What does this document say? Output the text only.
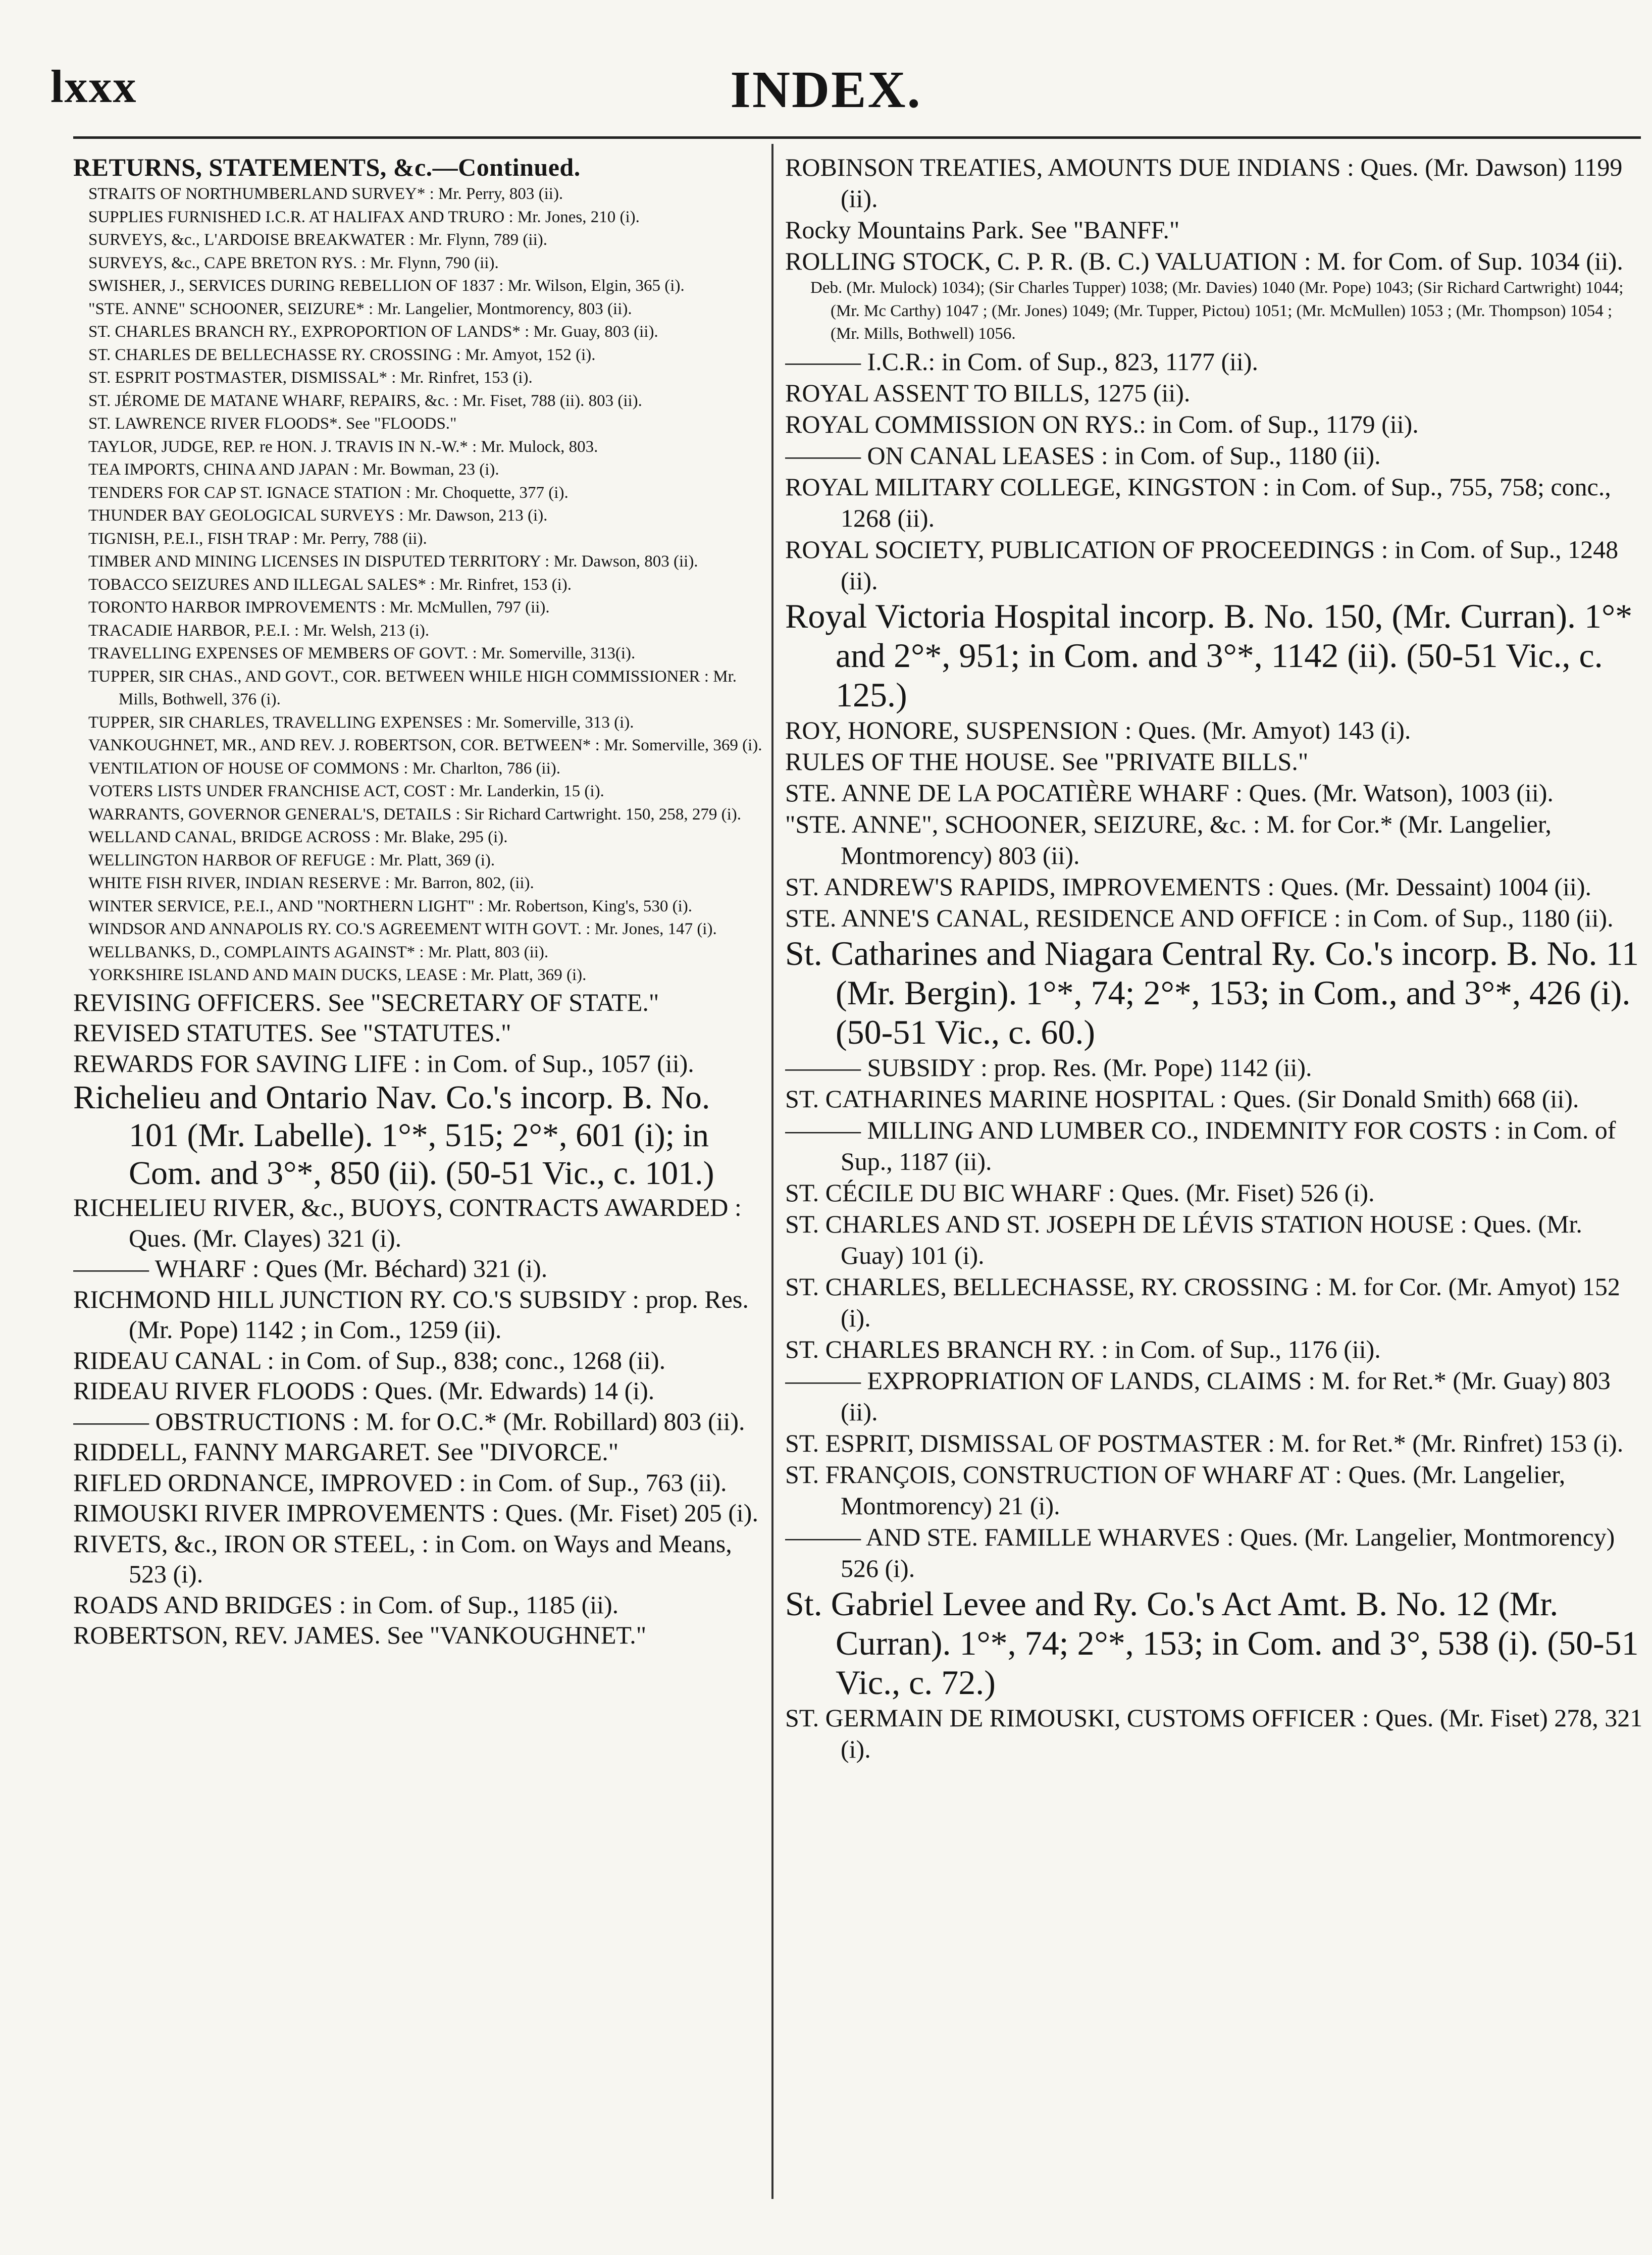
lxxx	INDEX.

RETURNS, STATEMENTS, &c.—Continued.

STRAITS OF NORTHUMBERLAND SURVEY* : Mr. Perry, 803 (ii).

SUPPLIES FURNISHED I.C.R. AT HALIFAX AND TRURO : Mr. Jones, 210 (i).

SURVEYS, &c., L'ARDOISE BREAKWATER : Mr. Flynn, 789 (ii).

SURVEYS, &c., CAPE BRETON RYS. : Mr. Flynn, 790 (ii).

SWISHER, J., SERVICES DURING REBELLION OF 1837 : Mr. Wilson, Elgin, 365 (i).

"STE. ANNE" SCHOONER, SEIZURE* : Mr. Langelier, Montmorency, 803 (ii).

ST. CHARLES BRANCH RY., EXPROPORTION OF LANDS* : Mr. Guay, 803 (ii).

ST. CHARLES DE BELLECHASSE RY. CROSSING : Mr. Amyot, 152 (i).

ST. ESPRIT POSTMASTER, DISMISSAL* : Mr. Rinfret, 153 (i).

ST. JÉROME DE MATANE WHARF, REPAIRS, &c. : Mr. Fiset, 788 (ii). 803 (ii).

ST. LAWRENCE RIVER FLOODS*. See "FLOODS."

TAYLOR, JUDGE, REP. re HON. J. TRAVIS IN N.-W.* : Mr. Mulock, 803.

TEA IMPORTS, CHINA AND JAPAN : Mr. Bowman, 23 (i).

TENDERS FOR CAP ST. IGNACE STATION : Mr. Choquette, 377 (i).

THUNDER BAY GEOLOGICAL SURVEYS : Mr. Dawson, 213 (i).

TIGNISH, P.E.I., FISH TRAP : Mr. Perry, 788 (ii).

TIMBER AND MINING LICENSES IN DISPUTED TERRITORY : Mr. Dawson, 803 (ii).

TOBACCO SEIZURES AND ILLEGAL SALES* : Mr. Rinfret, 153 (i).

TORONTO HARBOR IMPROVEMENTS : Mr. McMullen, 797 (ii).

TRACADIE HARBOR, P.E.I. : Mr. Welsh, 213 (i).

TRAVELLING EXPENSES OF MEMBERS OF GOVT. : Mr. Somerville, 313(i).

TUPPER, SIR CHAS., AND GOVT., COR. BETWEEN WHILE HIGH COMMISSIONER : Mr. Mills, Bothwell, 376 (i).

TUPPER, SIR CHARLES, TRAVELLING EXPENSES : Mr. Somerville, 313 (i).

VANKOUGHNET, MR., AND REV. J. ROBERTSON, COR. BETWEEN* : Mr. Somerville, 369 (i).

VENTILATION OF HOUSE OF COMMONS : Mr. Charlton, 786 (ii).

VOTERS LISTS UNDER FRANCHISE ACT, COST : Mr. Landerkin, 15 (i).

WARRANTS, GOVERNOR GENERAL'S, DETAILS : Sir Richard Cartwright. 150, 258, 279 (i).

WELLAND CANAL, BRIDGE ACROSS : Mr. Blake, 295 (i).

WELLINGTON HARBOR OF REFUGE : Mr. Platt, 369 (i).

WHITE FISH RIVER, INDIAN RESERVE : Mr. Barron, 802, (ii).

WINTER SERVICE, P.E.I., AND "NORTHERN LIGHT" : Mr. Robertson, King's, 530 (i).

WINDSOR AND ANNAPOLIS RY. CO.'S AGREEMENT WITH GOVT. : Mr. Jones, 147 (i).

WELLBANKS, D., COMPLAINTS AGAINST* : Mr. Platt, 803 (ii).

YORKSHIRE ISLAND AND MAIN DUCKS, LEASE : Mr. Platt, 369 (i).

REVISING OFFICERS. See "SECRETARY OF STATE."

REVISED STATUTES. See "STATUTES."

REWARDS FOR SAVING LIFE : in Com. of Sup., 1057 (ii).

Richelieu and Ontario Nav. Co.'s incorp. B. No. 101 (Mr. Labelle). 1°*, 515; 2°*, 601 (i); in Com. and 3°*, 850 (ii). (50-51 Vic., c. 101.)

RICHELIEU RIVER, &c., BUOYS, CONTRACTS AWARDED : Ques. (Mr. Clayes) 321 (i).

——— WHARF : Ques (Mr. Béchard) 321 (i).

RICHMOND HILL JUNCTION RY. CO.'S SUBSIDY : prop. Res. (Mr. Pope) 1142 ; in Com., 1259 (ii).

RIDEAU CANAL : in Com. of Sup., 838; conc., 1268 (ii).

RIDEAU RIVER FLOODS : Ques. (Mr. Edwards) 14 (i).

——— OBSTRUCTIONS : M. for O.C.* (Mr. Robillard) 803 (ii).

RIDDELL, FANNY MARGARET. See "DIVORCE."

RIFLED ORDNANCE, IMPROVED : in Com. of Sup., 763 (ii).

RIMOUSKI RIVER IMPROVEMENTS : Ques. (Mr. Fiset) 205 (i).

RIVETS, &c., IRON OR STEEL, : in Com. on Ways and Means, 523 (i).

ROADS AND BRIDGES : in Com. of Sup., 1185 (ii).

ROBERTSON, REV. JAMES. See "VANKOUGHNET."

ROBINSON TREATIES, AMOUNTS DUE INDIANS : Ques. (Mr. Dawson) 1199 (ii).

Rocky Mountains Park. See "BANFF."

ROLLING STOCK, C. P. R. (B. C.) VALUATION : M. for Com. of Sup. 1034 (ii).

Deb. (Mr. Mulock) 1034); (Sir Charles Tupper) 1038; (Mr. Davies) 1040 (Mr. Pope) 1043; (Sir Richard Cartwright) 1044; (Mr. Mc Carthy) 1047 ; (Mr. Jones) 1049; (Mr. Tupper, Pictou) 1051; (Mr. McMullen) 1053 ; (Mr. Thompson) 1054 ; (Mr. Mills, Bothwell) 1056.

——— I.C.R.: in Com. of Sup., 823, 1177 (ii).

ROYAL ASSENT TO BILLS, 1275 (ii).

ROYAL COMMISSION ON RYS.: in Com. of Sup., 1179 (ii).

——— ON CANAL LEASES : in Com. of Sup., 1180 (ii).

ROYAL MILITARY COLLEGE, KINGSTON : in Com. of Sup., 755, 758; conc., 1268 (ii).

ROYAL SOCIETY, PUBLICATION OF PROCEEDINGS : in Com. of Sup., 1248 (ii).

Royal Victoria Hospital incorp. B. No. 150, (Mr. Curran). 1°* and 2°*, 951; in Com. and 3°*, 1142 (ii). (50-51 Vic., c. 125.)

ROY, HONORE, SUSPENSION : Ques. (Mr. Amyot) 143 (i).

RULES OF THE HOUSE. See "PRIVATE BILLS."

STE. ANNE DE LA POCATIÈRE WHARF : Ques. (Mr. Watson), 1003 (ii).

"STE. ANNE", SCHOONER, SEIZURE, &c. : M. for Cor.* (Mr. Langelier, Montmorency) 803 (ii).

ST. ANDREW'S RAPIDS, IMPROVEMENTS : Ques. (Mr. Dessaint) 1004 (ii).

STE. ANNE'S CANAL, RESIDENCE AND OFFICE : in Com. of Sup., 1180 (ii).

St. Catharines and Niagara Central Ry. Co.'s incorp. B. No. 11 (Mr. Bergin). 1°*, 74; 2°*, 153; in Com., and 3°*, 426 (i). (50-51 Vic., c. 60.)

——— SUBSIDY : prop. Res. (Mr. Pope) 1142 (ii).

ST. CATHARINES MARINE HOSPITAL : Ques. (Sir Donald Smith) 668 (ii).

——— MILLING AND LUMBER CO., INDEMNITY FOR COSTS : in Com. of Sup., 1187 (ii).

ST. CÉCILE DU BIC WHARF : Ques. (Mr. Fiset) 526 (i).

ST. CHARLES AND ST. JOSEPH DE LÉVIS STATION HOUSE : Ques. (Mr. Guay) 101 (i).

ST. CHARLES, BELLECHASSE, RY. CROSSING : M. for Cor. (Mr. Amyot) 152 (i).

ST. CHARLES BRANCH RY. : in Com. of Sup., 1176 (ii).

——— EXPROPRIATION OF LANDS, CLAIMS : M. for Ret.* (Mr. Guay) 803 (ii).

ST. ESPRIT, DISMISSAL OF POSTMASTER : M. for Ret.* (Mr. Rinfret) 153 (i).

ST. FRANÇOIS, CONSTRUCTION OF WHARF AT : Ques. (Mr. Langelier, Montmorency) 21 (i).

——— AND STE. FAMILLE WHARVES : Ques. (Mr. Langelier, Montmorency) 526 (i).

St. Gabriel Levee and Ry. Co.'s Act Amt. B. No. 12 (Mr. Curran). 1°*, 74; 2°*, 153; in Com. and 3°, 538 (i). (50-51 Vic., c. 72.)

ST. GERMAIN DE RIMOUSKI, CUSTOMS OFFICER : Ques. (Mr. Fiset) 278, 321 (i).
